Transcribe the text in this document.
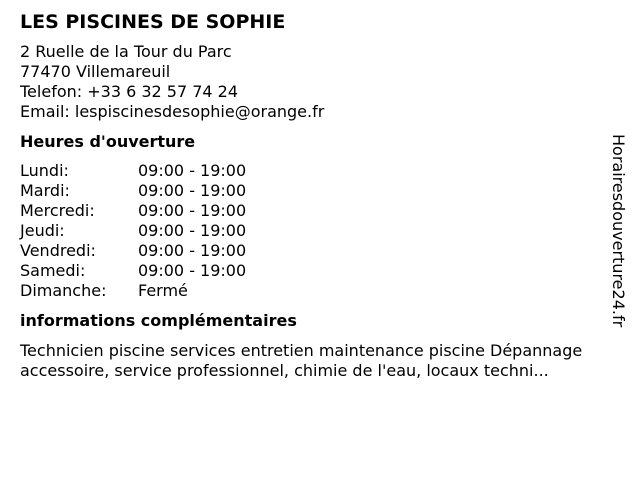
LES PISCINES DE SOPHIE
2 Ruelle de la Tour du Parc
77470 Villemareuil
Telefon: +33 6 32 57 74 24
Email: lespiscinesdesophie@orange.fr
Heures d'ouverture
Lundi:	09:00 - 19:00
Mardi:	09:00 - 19:00
Mercredi:	09:00 - 19:00
Jeudi:	09:00 - 19:00
Vendredi:	09:00 - 19:00
Samedi:	09:00 - 19:00
Dimanche:	Fermé
informations complémentaires
Technicien piscine services entretien maintenance piscine Dépannage accessoire, service professionnel, chimie de l'eau, locaux techni...
Horairesdouverture24.fr
